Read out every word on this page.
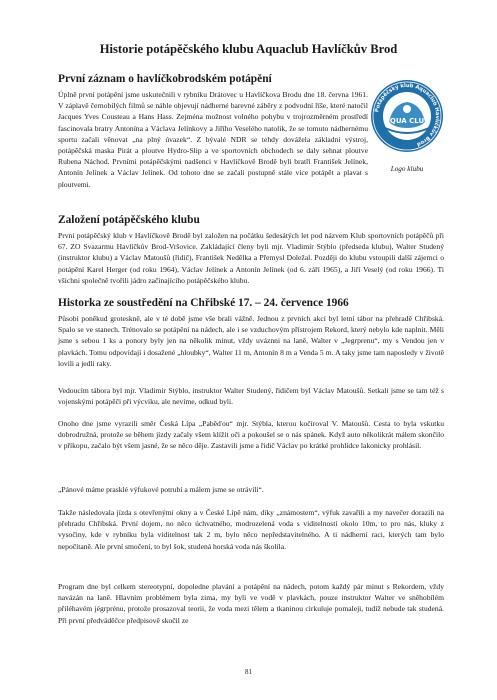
Historie potápěčského klubu Aquaclub Havlíčkův Brod
První záznam o havlíčkobrodském potápění

Úplně první potápění jsme uskutečnili v rybníku Drátovec u Havlíčkova Brodu dne 18. června 1961. V záplavě černobílých filmů se náhle objevují nádherné barevné záběry z podvodní říše, které natočil Jacques Yves Cousteau a Hans Hass. Zejména možnost volného pohybu v trojrozměrném prostředí fascinovala bratry Antonína a Václava Jelínkovy a Jiřího Veselého natolik, že se tomuto nádhernému sportu začali věnovat „na plný úvazek“. Z bývalé NDR se tehdy dovážela základní výstroj, potápěčská maska Pirát a ploutve Hydro-Slip a ve sportovních obchodech se daly sehnat ploutve Rubena Náchod. Prvními potápěčskými nadšenci v Havlíčkově Brodě byli bratři František Jelínek, Antonín Jelínek a Václav Jelínek. Od tohoto dne se začali postupně stále více potápět a plavat s ploutvemi.

Potápěčský klub Aquaclub Havlíčkův Brod
AQUA CLUB

Logo klubu

Založení potápěčského klubu

První potápěčský klub v Havlíčkově Brodě byl založen na počátku šedesátých let pod názvem Klub sportovních potápěčů při 67. ZO Svazarmu Havlíčkův Brod-Vršovice. Zakládající členy byli mjr. Vladimír Stýblo (předseda klubu), Walter Studený (instruktor klubu) a Václav Matoušů (řidič), František Nedělka a Přemysl Doležal. Později do klubu vstoupili další zájemci o potápění Karel Herger (od roku 1964), Václav Jelínek a Antonín Jelínek (od 6. září 1965), a Jiří Veselý (od roku 1966). Ti všichni společně tvořili jádro začínajícího potápěčského klubu.

Historka ze soustředění na Chřibské 17. – 24. července 1966

Působí poněkud groteskně, ale v té době jsme vše brali vážně. Jednou z prvních akcí byl letní tábor na přehradě Chřibská. Spalo se ve stanech. Trénovalo se potápění na nádech, ale i se vzduchovým přístrojem Rekord, který nebylo kde naplnit. Měli jsme s sebou 1 ks a ponory byly jen na několik minut, vždy uváznni na laně, Walter v „Jegrprenu“, my s Vendou jen v plavkách. Tomu odpovídají i dosažené „hloubky“, Walter 11 m, Antonín 8 m a Venda 5 m. A taky jsme tam naposledy v životě lovili a jedli raky.

Vedoucím tábora byl mjr. Vladimír Stýblo, instruktor Walter Studený, řidičem byl Václav Matoušů. Setkali jsme se tam též s vojenskými potápěči při výcviku, ale nevíme, odkud byli.

Onoho dne jsme vyrazili směr Česká Lípa „Paběďou“ mjr. Stýbla, kterou kočíroval V. Matoušů. Cesta to byla vskutku dobrodružná, protože se během jízdy začaly všem klížit oči a pokoušel se o nás spánek. Když auto několikrát málem skončilo v příkopu, začalo být všem jasné, že se něco děje. Zastavili jsme a řidič Václav po krátké prohlídce lakonicky prohlásil.

„Pánové máme prasklé výfukové potrubí a málem jsme se otrávili“.

Takže následovala jízda s otevřenými okny a v České Lípě nám, díky „známostem“, výfuk zavařili a my navečer dorazili na přehradu Chřibská. První dojem, no něco úchvatného, modrozelená voda s viditelností okolo 10m, to pro nás, kluky z vysočiny, kde v rybníku byla viditelnost tak 2 m, bylo něco nepředstavitelného. A ti nádherní raci, kterých tam bylo nepočítaně. Ale první smočení, to byl šok, studená horská voda nás školila.

Program dne byl celkem stereotypní, dopoledne plavání a potápění na nádech, potom každý pár minut s Rekordem, vždy navázán na laně. Hlavním problémem byla zima, my byli ve vodě v plavkách, pouze instruktor Walter ve sněhobílém přiléhavém jégrprénu, protože prosazoval teorii, že voda mezi tělem a tkaninou cirkuluje pomaleji, tudíž nebude tak studená. Při první předváděčce předpisově skočil ze

81
